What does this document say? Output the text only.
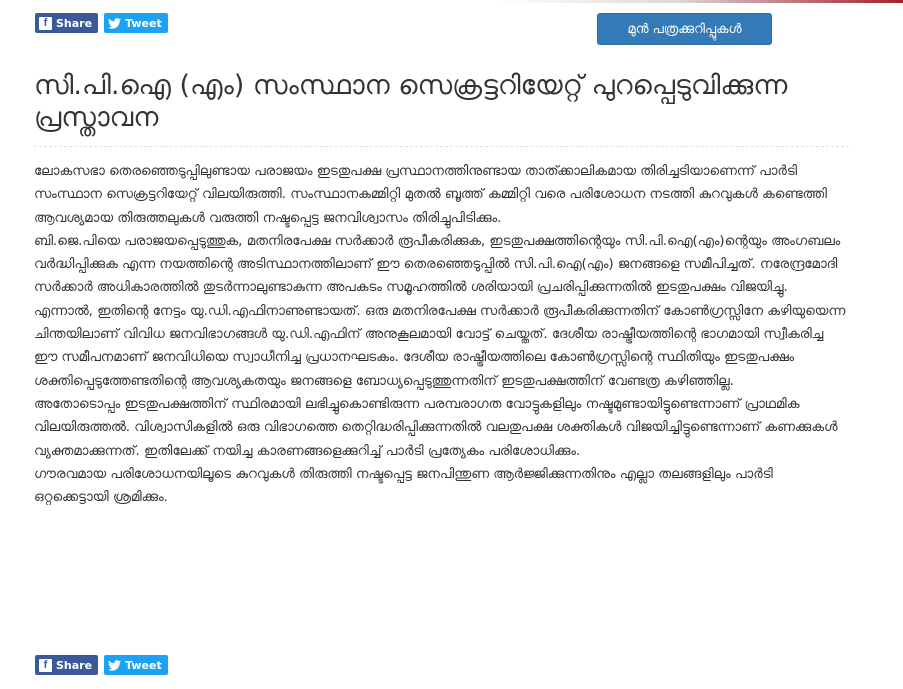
f Share	Tweet	മുൻ പത്രക്കുറിപ്പുകൾ
സി.പി.ഐ (എം) സംസ്ഥാന സെക്രട്ടറിയേറ്റ് പുറപ്പെടുവിക്കുന്ന പ്രസ്താവന

ലോകസഭാ തെരഞ്ഞെടുപ്പിലുണ്ടായ പരാജയം ഇടതുപക്ഷ പ്രസ്ഥാനത്തിനുണ്ടായ താത്ക്കാലികമായ തിരിച്ചടിയാണെന്ന് പാർടി സംസ്ഥാന സെക്രട്ടറിയേറ്റ് വിലയിരുത്തി. സംസ്ഥാനകമ്മിറ്റി മുതൽ ബൂത്ത് കമ്മിറ്റി വരെ പരിശോധന നടത്തി കുറവുകൾ കണ്ടെത്തി ആവശ്യമായ തിരുത്തലുകൾ വരുത്തി നഷ്ടപ്പെട്ട ജനവിശ്വാസം തിരിച്ചുപിടിക്കും.

ബി.ജെ.പിയെ പരാജയപ്പെടുത്തുക, മതനിരപേക്ഷ സർക്കാർ രൂപീകരിക്കുക, ഇടതുപക്ഷത്തിന്റെയും സി.പി.ഐ(എം)ന്റെയും അംഗബലം വർദ്ധിപ്പിക്കുക എന്ന നയത്തിന്റെ അടിസ്ഥാനത്തിലാണ് ഈ തെരഞ്ഞെടുപ്പിൽ സി.പി.ഐ(എം) ജനങ്ങളെ സമീപിച്ചത്. നരേന്ദ്രമോദി സർക്കാർ അധികാരത്തിൽ തുടർന്നാലുണ്ടാകുന്ന അപകടം സമൂഹത്തിൽ ശരിയായി പ്രചരിപ്പിക്കുന്നതിൽ ഇടതുപക്ഷം വിജയിച്ചു. എന്നാൽ, ഇതിന്റെ നേട്ടം യു.ഡി.എഫിനാണുണ്ടായത്. ഒരു മതനിരപേക്ഷ സർക്കാർ രൂപീകരിക്കുന്നതിന് കോൺഗ്രസ്സിനേ കഴിയുയെന്ന ചിന്തയിലാണ് വിവിധ ജനവിഭാഗങ്ങൾ യു.ഡി.എഫിന് അനുകൂലമായി വോട്ട് ചെയ്തത്. ദേശീയ രാഷ്ട്രീയത്തിന്റെ ഭാഗമായി സ്വീകരിച്ച ഈ സമീപനമാണ് ജനവിധിയെ സ്വാധീനിച്ച പ്രധാനഘടകം. ദേശീയ രാഷ്ട്രീയത്തിലെ കോൺഗ്രസ്സിന്റെ സ്ഥിതിയും ഇടതുപക്ഷം ശക്തിപ്പെടുത്തേണ്ടതിന്റെ ആവശ്യകതയും ജനങ്ങളെ ബോധ്യപ്പെടുത്തുന്നതിന് ഇടതുപക്ഷത്തിന് വേണ്ടത്ര കഴിഞ്ഞില്ല.

അതോടൊപ്പം ഇടതുപക്ഷത്തിന് സ്ഥിരമായി ലഭിച്ചുകൊണ്ടിരുന്ന പരമ്പരാഗത വോട്ടുകളിലും നഷ്ടമുണ്ടായിട്ടുണ്ടെന്നാണ് പ്രാഥമിക വിലയിരുത്തൽ. വിശ്വാസികളിൽ ഒരു വിഭാഗത്തെ തെറ്റിദ്ധരിപ്പിക്കുന്നതിൽ വലതുപക്ഷ ശക്തികൾ വിജയിച്ചിട്ടുണ്ടെന്നാണ് കണക്കുകൾ വ്യക്തമാക്കുന്നത്. ഇതിലേക്ക് നയിച്ച കാരണങ്ങളെക്കുറിച്ച് പാർടി പ്രത്യേകം പരിശോധിക്കും.

ഗൗരവമായ പരിശോധനയിലൂടെ കുറവുകൾ തിരുത്തി നഷ്ടപ്പെട്ട ജനപിന്തുണ ആർജ്ജിക്കുന്നതിനും എല്ലാ തലങ്ങളിലും പാർടി ഒറ്റക്കെട്ടായി ശ്രമിക്കും.

f Share	Tweet
